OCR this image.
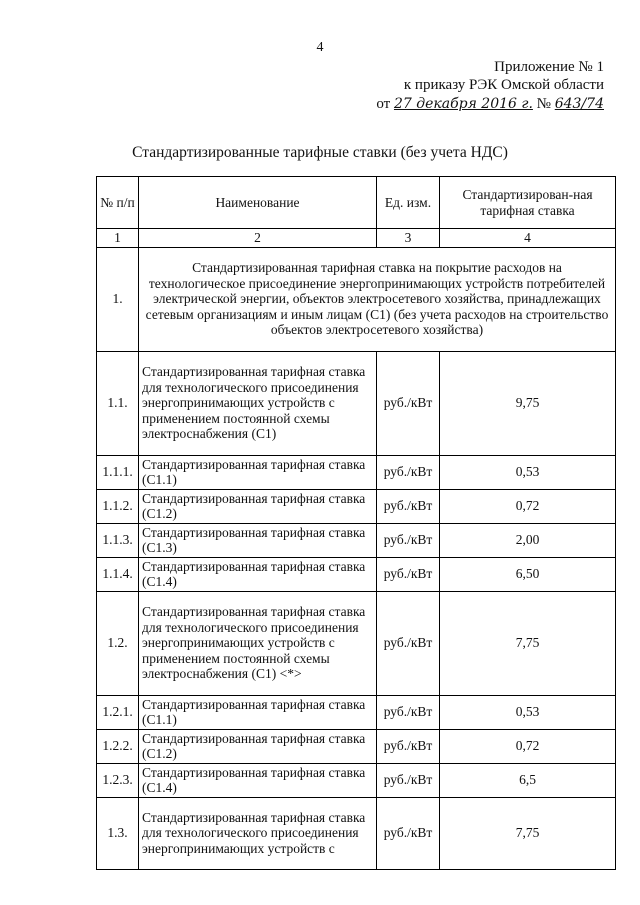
4
Приложение № 1
к приказу РЭК Омской области
от 27 декабря 2016 г. № 643/74
Стандартизированные тарифные ставки (без учета НДС)
№ п/п	Наименование	Ед. изм.	Стандартизирован-ная тарифная ставка
1	2	3	4
1.	Стандартизированная тарифная ставка на покрытие расходов на технологическое присоединение энергопринимающих устройств потребителей электрической энергии, объектов электросетевого хозяйства, принадлежащих сетевым организациям и иным лицам (С1) (без учета расходов на строительство объектов электросетевого хозяйства)		
1.1.	Стандартизированная тарифная ставка для технологического присоединения энергопринимающих устройств с применением постоянной схемы электроснабжения (С1)	руб./кВт	9,75
1.1.1.	Стандартизированная тарифная ставка (С1.1)	руб./кВт	0,53
1.1.2.	Стандартизированная тарифная ставка (С1.2)	руб./кВт	0,72
1.1.3.	Стандартизированная тарифная ставка (С1.3)	руб./кВт	2,00
1.1.4.	Стандартизированная тарифная ставка (С1.4)	руб./кВт	6,50
1.2.	Стандартизированная тарифная ставка для технологического присоединения энергопринимающих устройств с применением постоянной схемы электроснабжения (С1) <*>	руб./кВт	7,75
1.2.1.	Стандартизированная тарифная ставка (С1.1)	руб./кВт	0,53
1.2.2.	Стандартизированная тарифная ставка (С1.2)	руб./кВт	0,72
1.2.3.	Стандартизированная тарифная ставка (С1.4)	руб./кВт	6,5
1.3.	Стандартизированная тарифная ставка для технологического присоединения энергопринимающих устройств с	руб./кВт	7,75
